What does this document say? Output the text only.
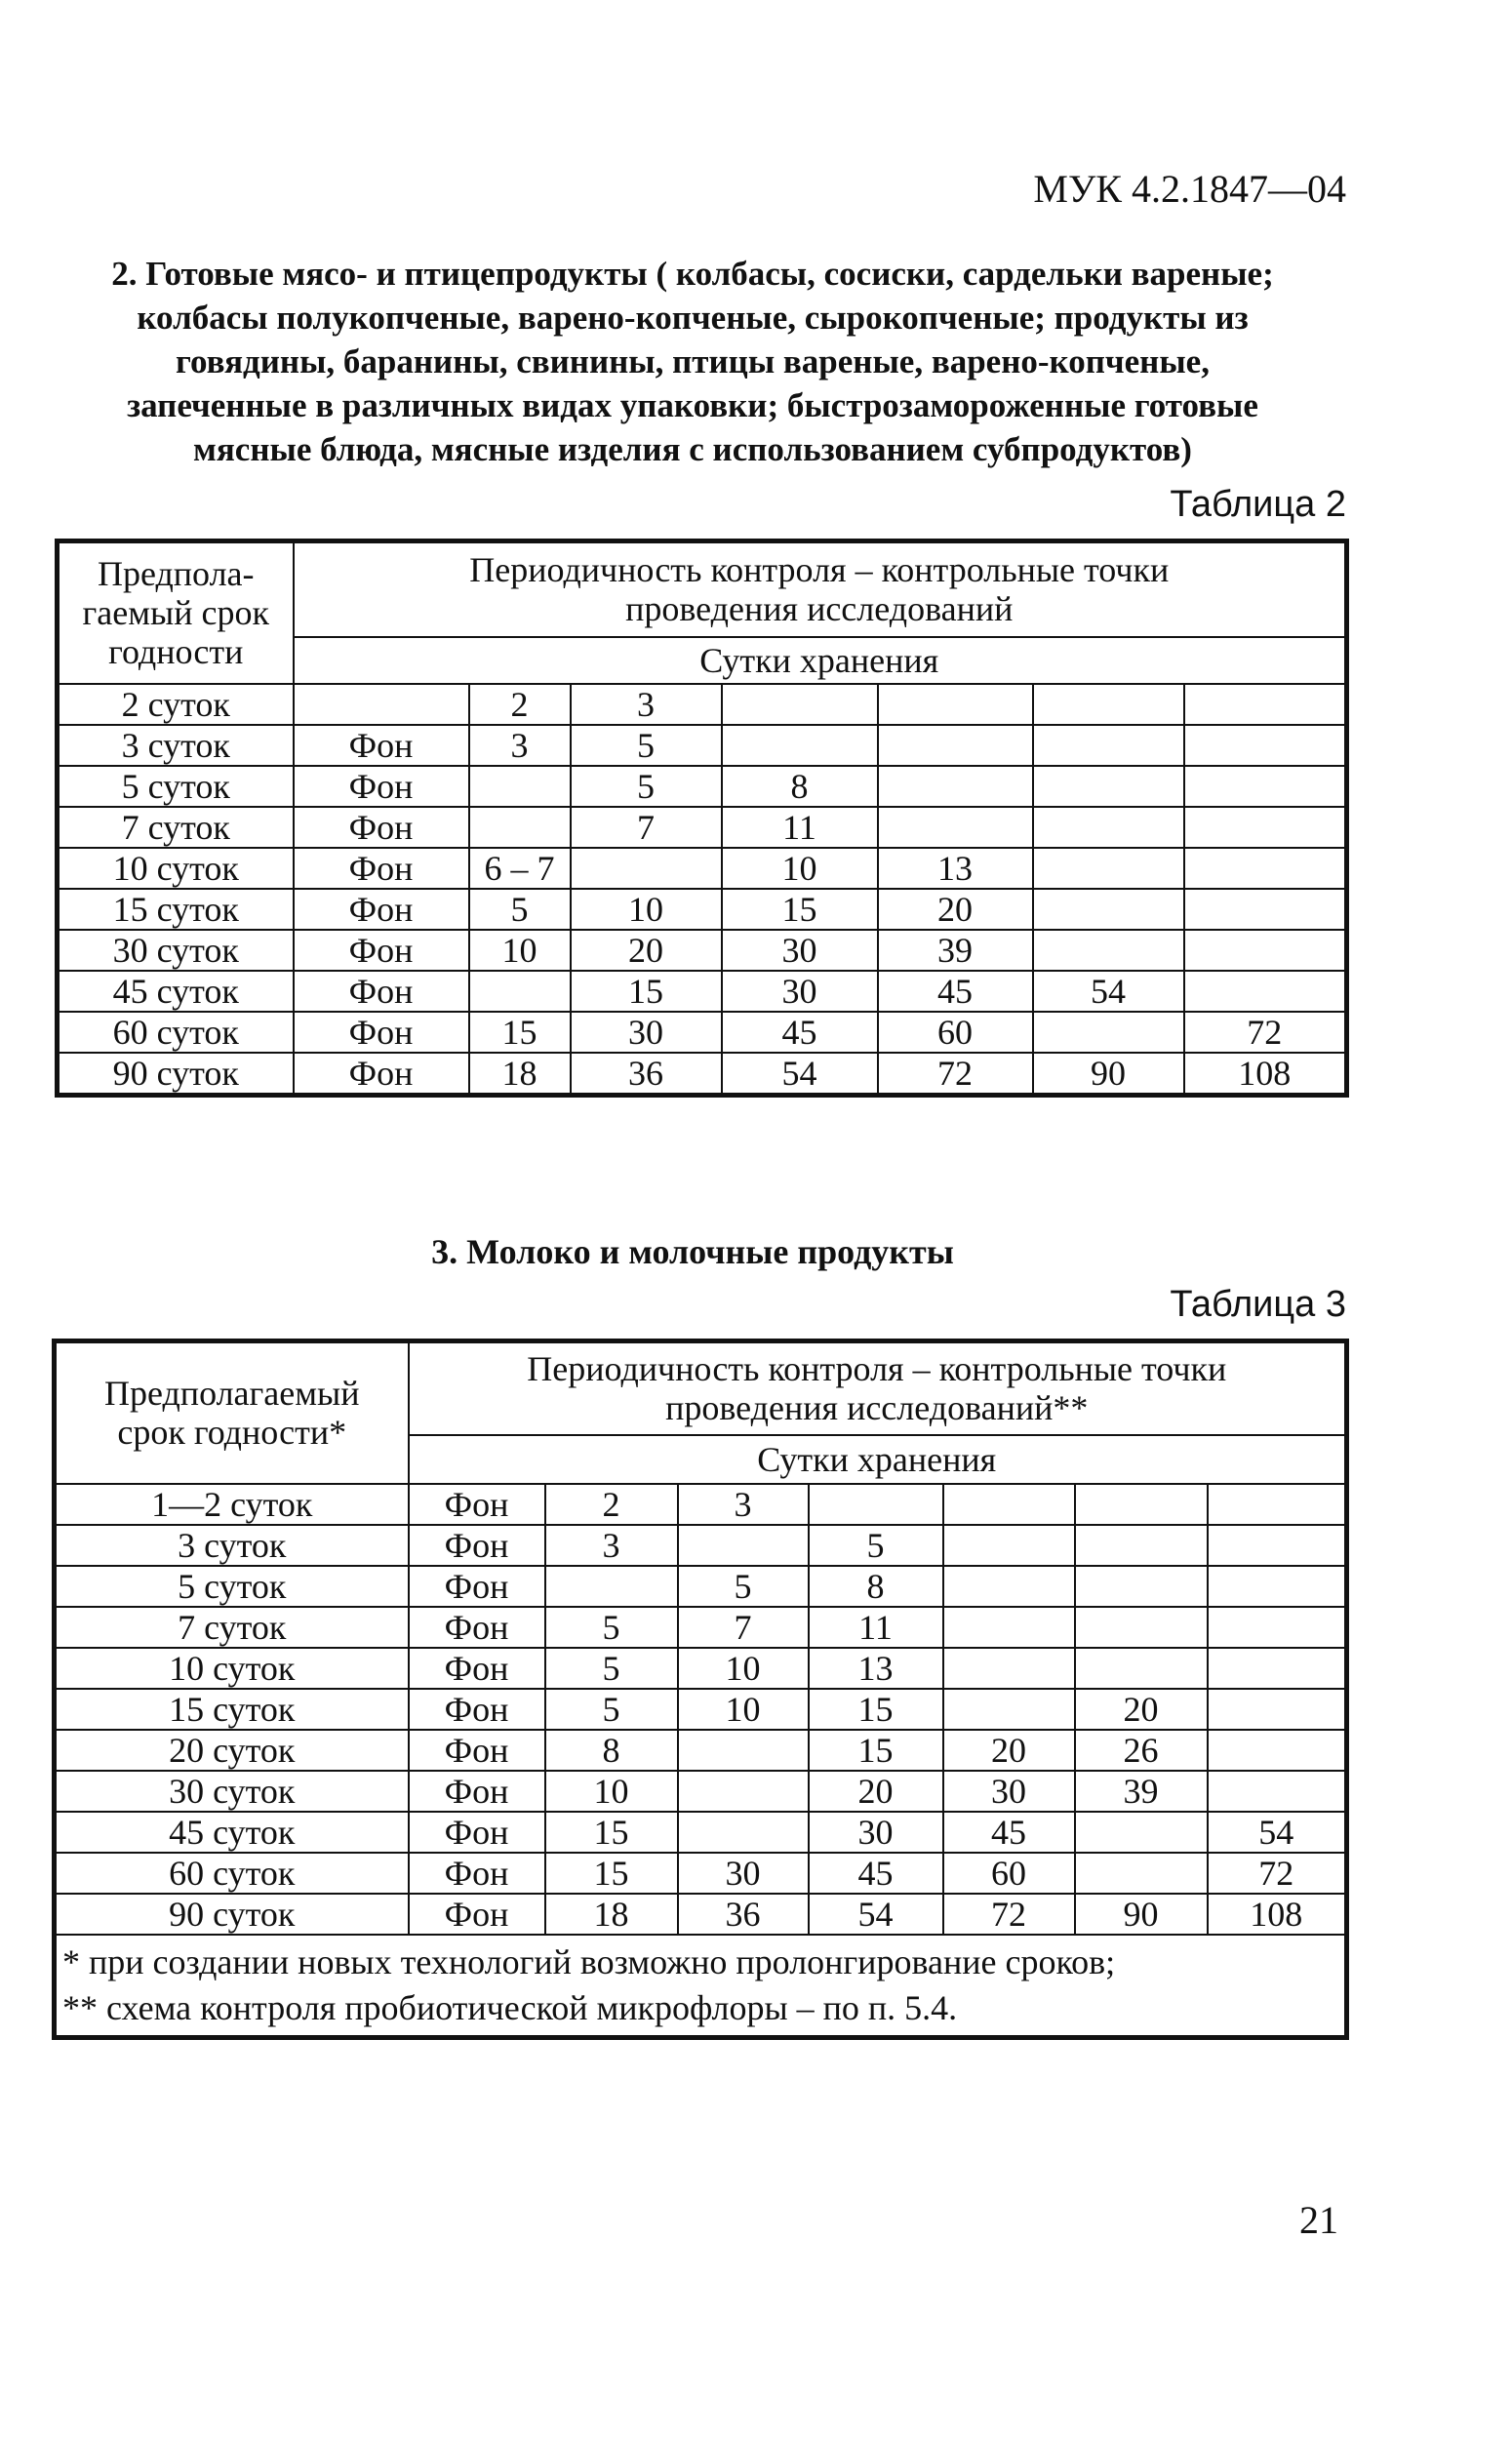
МУК 4.2.1847—04
2. Готовые мясо- и птицепродукты ( колбасы, сосиски, сардельки вареные;
колбасы полукопченые, варено-копченые, сырокопченые; продукты из
говядины, баранины, свинины, птицы вареные, варено-копченые,
запеченные в различных видах упаковки; быстрозамороженные готовые
мясные блюда, мясные изделия с использованием субпродуктов)
Таблица 2
Предпола-
гаемый срок
годности	Периодичность контроля – контрольные точки
проведения исследований						
	Сутки хранения						
2 суток		2	3				
3 суток	Фон	3	5				
5 суток	Фон		5	8			
7 суток	Фон		7	11			
10 суток	Фон	6 – 7		10	13		
15 суток	Фон	5	10	15	20		
30 суток	Фон	10	20	30	39		
45 суток	Фон		15	30	45	54	
60 суток	Фон	15	30	45	60		72
90 суток	Фон	18	36	54	72	90	108
3. Молоко и молочные продукты
Таблица 3
Предполагаемый
срок годности*	Периодичность контроля – контрольные точки
проведения исследований**						
	Сутки хранения						
1—2 суток	Фон	2	3				
3 суток	Фон	3		5			
5 суток	Фон		5	8			
7 суток	Фон	5	7	11			
10 суток	Фон	5	10	13			
15 суток	Фон	5	10	15		20	
20 суток	Фон	8		15	20	26	
30 суток	Фон	10		20	30	39	
45 суток	Фон	15		30	45		54
60 суток	Фон	15	30	45	60		72
90 суток	Фон	18	36	54	72	90	108

* при создании новых технологий возможно пролонгирование сроков;
** схема контроля пробиотической микрофлоры – по п. 5.4.							
21
